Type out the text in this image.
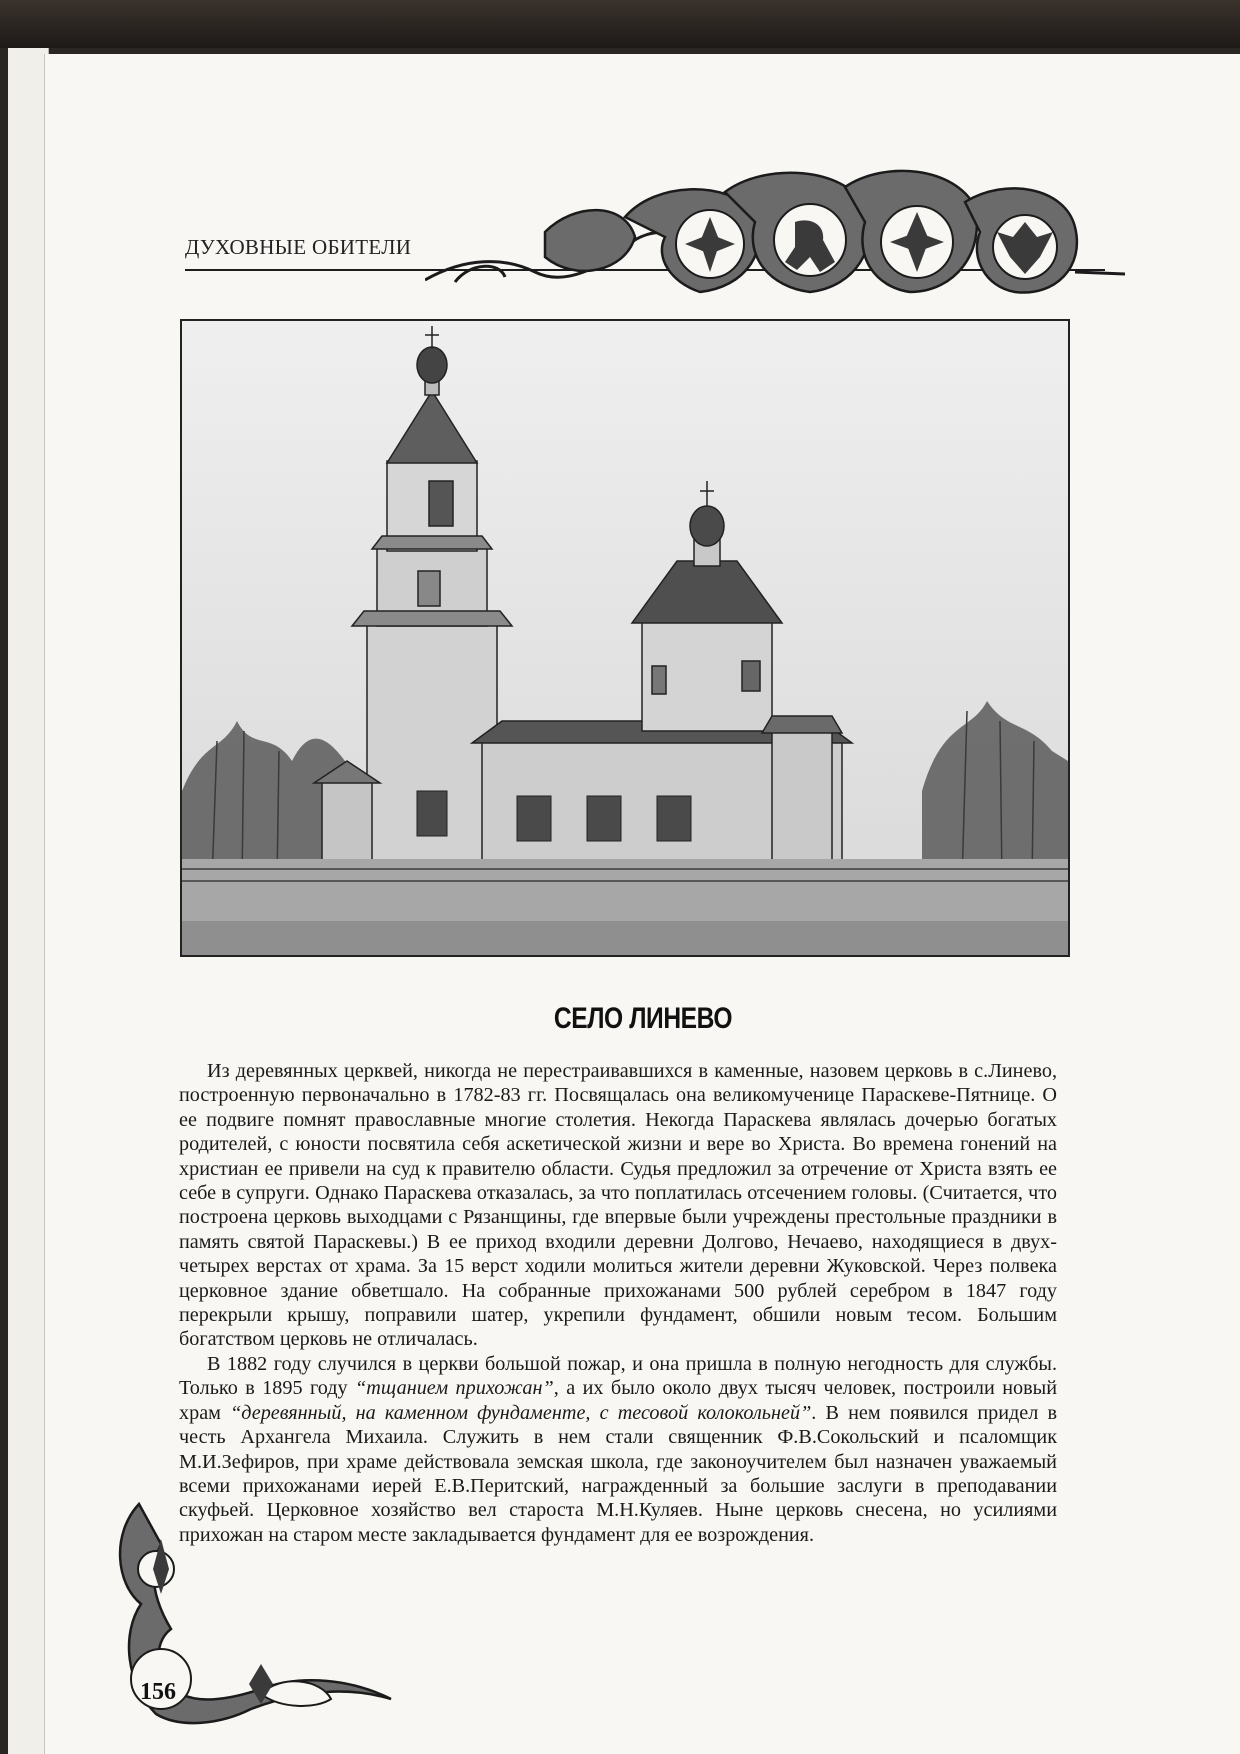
ДУХОВНЫЕ ОБИТЕЛИ
СЕЛО ЛИНЕВО

Из деревянных церквей, никогда не перестраивавшихся в каменные, назовем церковь в с.Линево, построенную первоначально в 1782-83 гг. Посвящалась она великомученице Параскеве-Пятнице. О ее подвиге помнят православные многие столетия. Некогда Параскева являлась дочерью богатых родителей, с юности посвятила себя аскетической жизни и вере во Христа. Во времена гонений на христиан ее привели на суд к правителю области. Судья предложил за отречение от Христа взять ее себе в супруги. Однако Параскева отказалась, за что поплатилась отсечением головы. (Считается, что построена церковь выходцами с Рязанщины, где впервые были учреждены престольные праздники в память святой Параскевы.) В ее приход входили деревни Долгово, Нечаево, находящиеся в двух-четырех верстах от храма. За 15 верст ходили молиться жители деревни Жуковской. Через полвека церковное здание обветшало. На собранные прихожанами 500 рублей серебром в 1847 году перекрыли крышу, поправили шатер, укрепили фундамент, обшили новым тесом. Большим богатством церковь не отличалась.

В 1882 году случился в церкви большой пожар, и она пришла в полную негодность для службы. Только в 1895 году “тщанием прихожан”, а их было около двух тысяч человек, построили новый храм “деревянный, на каменном фундаменте, с тесовой колокольней”. В нем появился придел в честь Архангела Михаила. Служить в нем стали священник Ф.В.Сокольский и псаломщик М.И.Зефиров, при храме действовала земская школа, где законоучителем был назначен уважаемый всеми прихожанами иерей Е.В.Перитский, награжденный за большие заслуги в преподавании скуфьей. Церковное хозяйство вел староста М.Н.Куляев. Ныне церковь снесена, но усилиями прихожан на старом месте закладывается фундамент для ее возрождения.

156
